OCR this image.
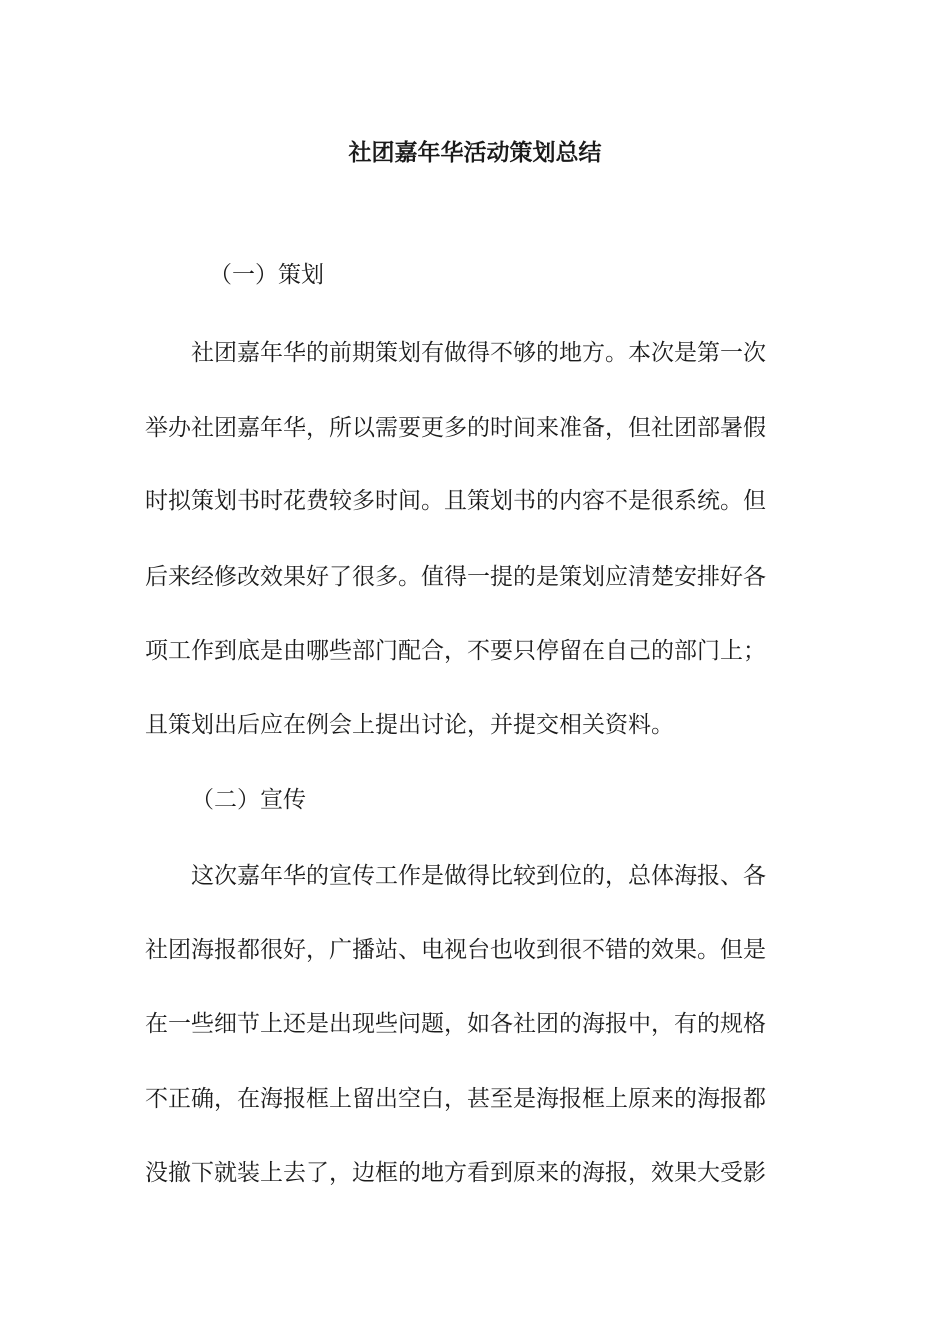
社团嘉年华活动策划总结
（一）策划
社团嘉年华的前期策划有做得不够的地方。本次是第一次
举办社团嘉年华，所以需要更多的时间来准备，但社团部暑假
时拟策划书时花费较多时间。且策划书的内容不是很系统。但
后来经修改效果好了很多。值得一提的是策划应清楚安排好各
项工作到底是由哪些部门配合，不要只停留在自己的部门上；
且策划出后应在例会上提出讨论，并提交相关资料。
（二）宣传
这次嘉年华的宣传工作是做得比较到位的，总体海报、各
社团海报都很好，广播站、电视台也收到很不错的效果。但是
在一些细节上还是出现些问题，如各社团的海报中，有的规格
不正确，在海报框上留出空白，甚至是海报框上原来的海报都
没撤下就装上去了，边框的地方看到原来的海报，效果大受影
